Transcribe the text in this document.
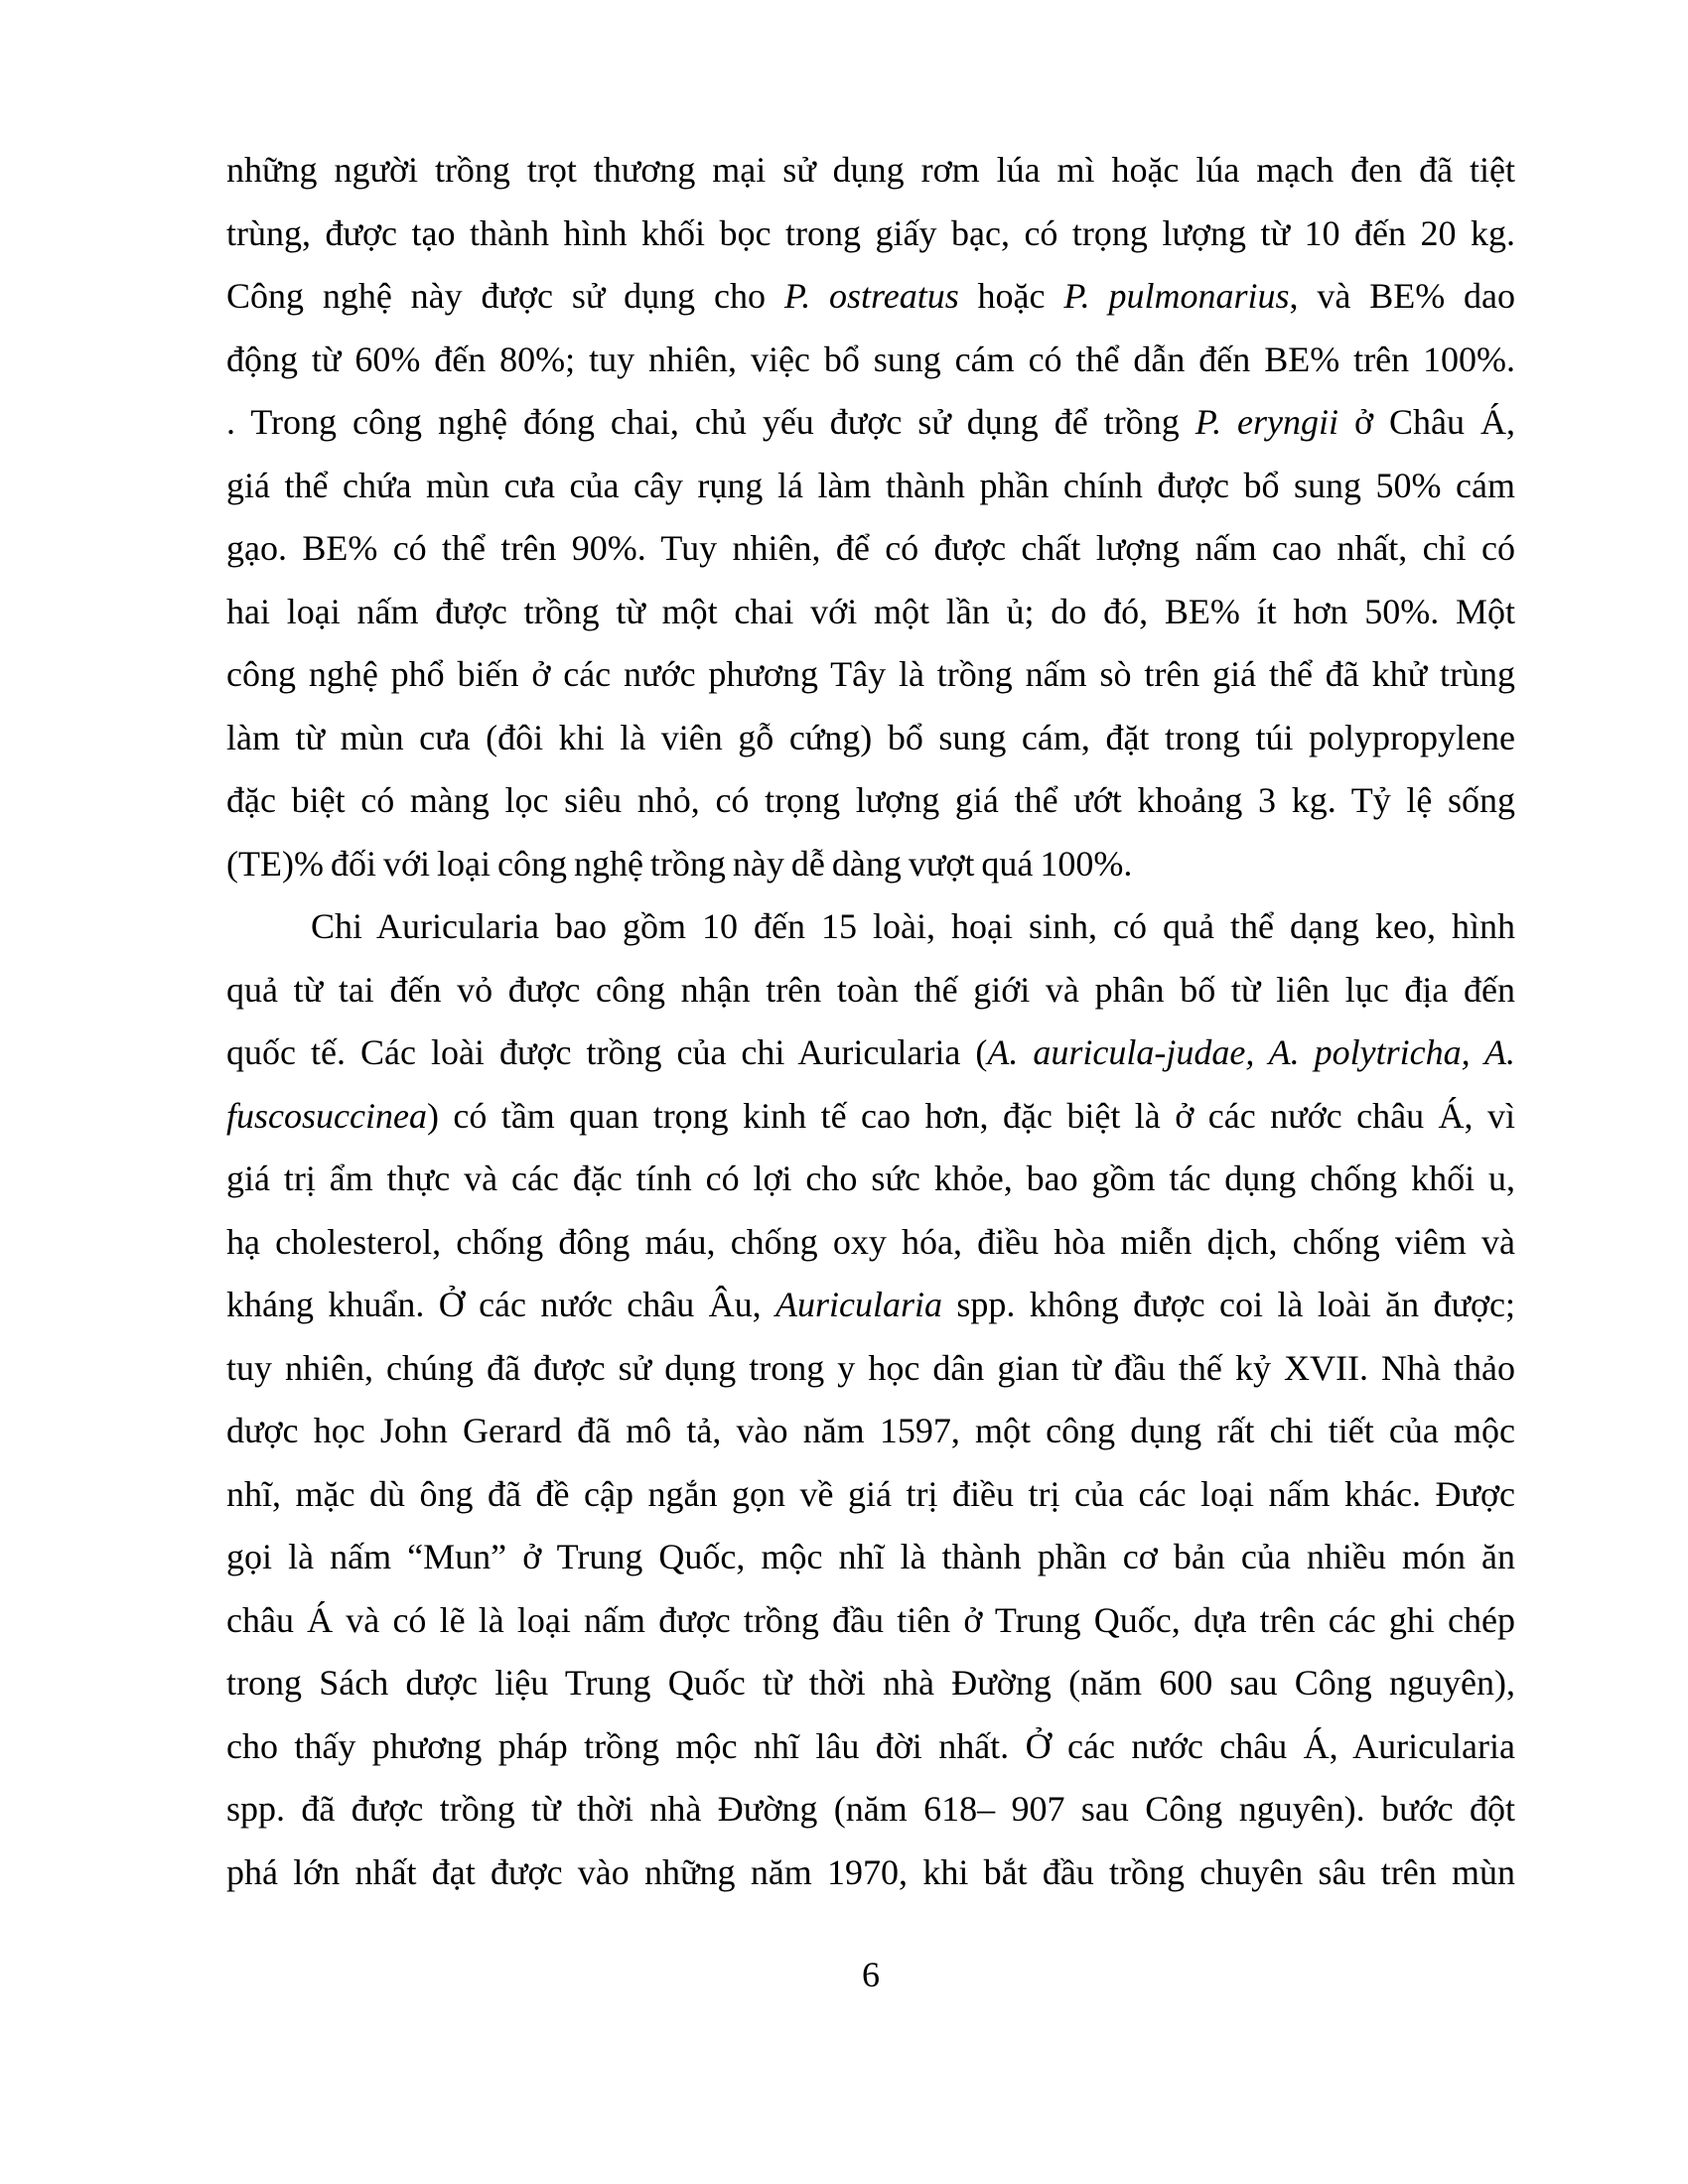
những người trồng trọt thương mại sử dụng rơm lúa mì hoặc lúa mạch đen đã tiệt
trùng, được tạo thành hình khối bọc trong giấy bạc, có trọng lượng từ 10 đến 20 kg.
Công nghệ này được sử dụng cho P. ostreatus hoặc P. pulmonarius, và BE% dao
động từ 60% đến 80%; tuy nhiên, việc bổ sung cám có thể dẫn đến BE% trên 100%.
. Trong công nghệ đóng chai, chủ yếu được sử dụng để trồng P. eryngii ở Châu Á,
giá thể chứa mùn cưa của cây rụng lá làm thành phần chính được bổ sung 50% cám
gạo. BE% có thể trên 90%. Tuy nhiên, để có được chất lượng nấm cao nhất, chỉ có
hai loại nấm được trồng từ một chai với một lần ủ; do đó, BE% ít hơn 50%. Một
công nghệ phổ biến ở các nước phương Tây là trồng nấm sò trên giá thể đã khử trùng
làm từ mùn cưa (đôi khi là viên gỗ cứng) bổ sung cám, đặt trong túi polypropylene
đặc biệt có màng lọc siêu nhỏ, có trọng lượng giá thể ướt khoảng 3 kg. Tỷ lệ sống
(TE)% đối với loại công nghệ trồng này dễ dàng vượt quá 100%.
Chi Auricularia bao gồm 10 đến 15 loài, hoại sinh, có quả thể dạng keo, hình
quả từ tai đến vỏ được công nhận trên toàn thế giới và phân bố từ liên lục địa đến
quốc tế. Các loài được trồng của chi Auricularia (A. auricula-judae, A. polytricha, A.
fuscosuccinea) có tầm quan trọng kinh tế cao hơn, đặc biệt là ở các nước châu Á, vì
giá trị ẩm thực và các đặc tính có lợi cho sức khỏe, bao gồm tác dụng chống khối u,
hạ cholesterol, chống đông máu, chống oxy hóa, điều hòa miễn dịch, chống viêm và
kháng khuẩn. Ở các nước châu Âu, Auricularia spp. không được coi là loài ăn được;
tuy nhiên, chúng đã được sử dụng trong y học dân gian từ đầu thế kỷ XVII. Nhà thảo
dược học John Gerard đã mô tả, vào năm 1597, một công dụng rất chi tiết của mộc
nhĩ, mặc dù ông đã đề cập ngắn gọn về giá trị điều trị của các loại nấm khác. Được
gọi là nấm “Mun” ở Trung Quốc, mộc nhĩ là thành phần cơ bản của nhiều món ăn
châu Á và có lẽ là loại nấm được trồng đầu tiên ở Trung Quốc, dựa trên các ghi chép
trong Sách dược liệu Trung Quốc từ thời nhà Đường (năm 600 sau Công nguyên),
cho thấy phương pháp trồng mộc nhĩ lâu đời nhất. Ở các nước châu Á, Auricularia
spp. đã được trồng từ thời nhà Đường (năm 618– 907 sau Công nguyên). bước đột
phá lớn nhất đạt được vào những năm 1970, khi bắt đầu trồng chuyên sâu trên mùn
6
